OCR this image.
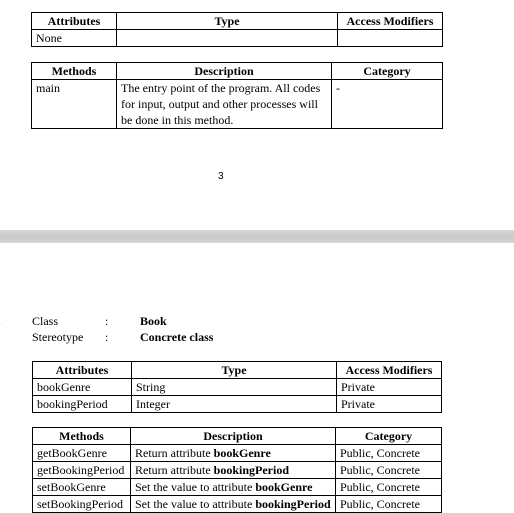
Attributes	Type	Access Modifiers
None		
Methods	Description	Category
main	The entry point of the program. All codes for input, output and other processes will be done in this method.	-
3
Class	:	Book
Stereotype :	Concrete class
Attributes	Type	Access Modifiers
bookGenre	String	Private
bookingPeriod	Integer	Private
Methods	Description	Category
getBookGenre	Return attribute bookGenre	Public, Concrete
getBookingPeriod	Return attribute bookingPeriod	Public, Concrete
setBookGenre	Set the value to attribute bookGenre	Public, Concrete
setBookingPeriod	Set the value to attribute bookingPeriod	Public, Concrete
